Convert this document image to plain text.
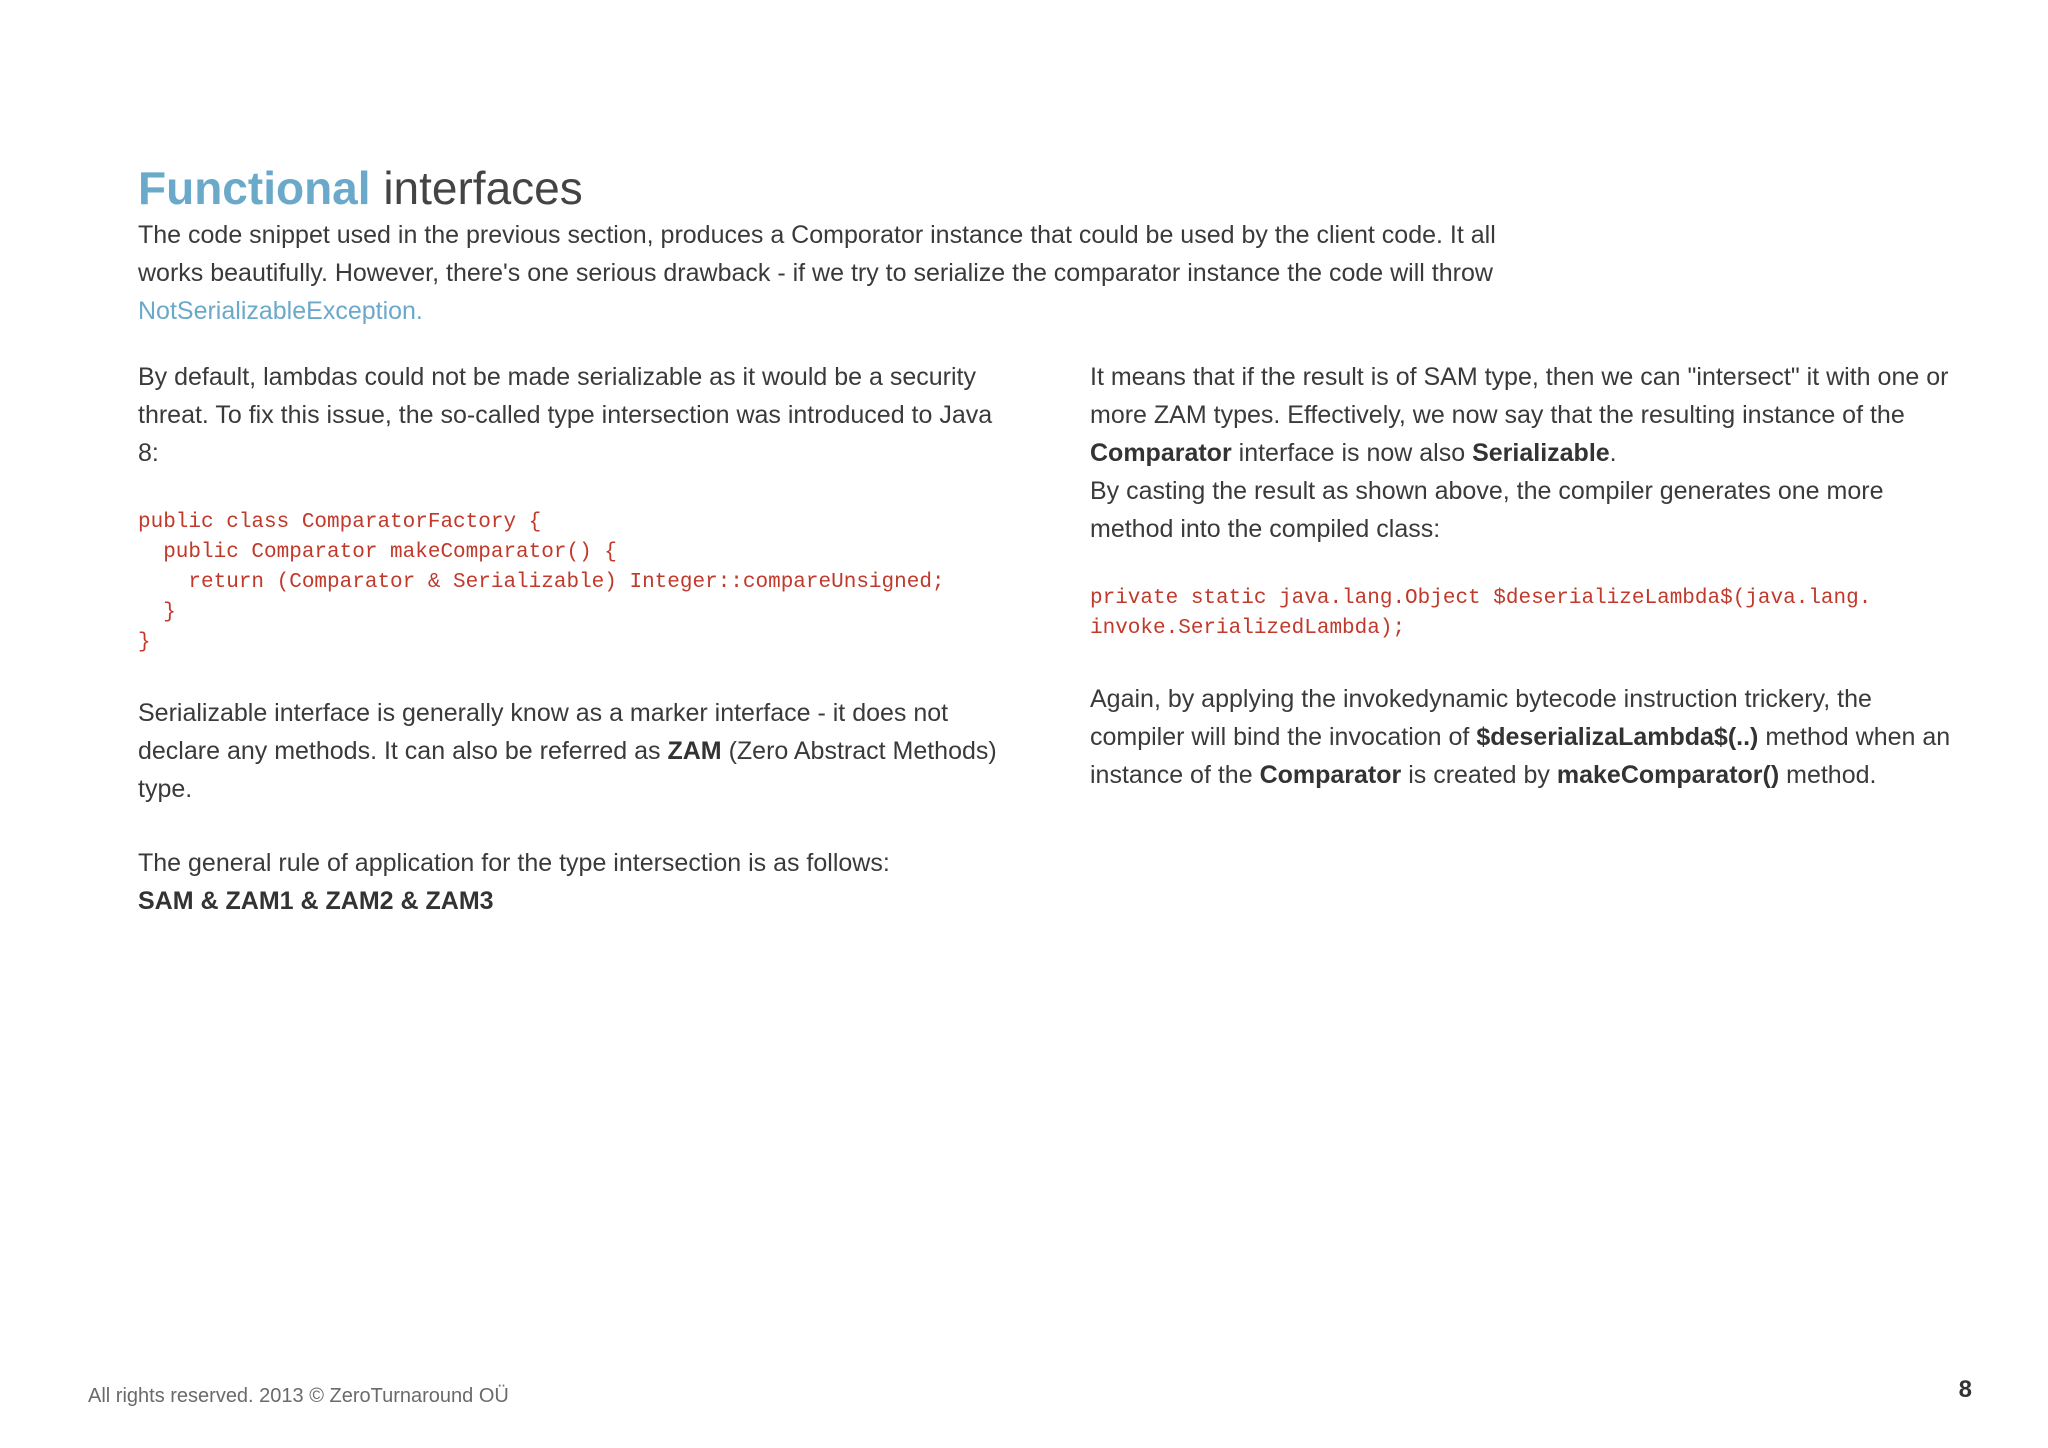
Functional interfaces

The code snippet used in the previous section, produces a Comporator instance that could be used by the client code. It all works beautifully. However, there's one serious drawback - if we try to serialize the comparator instance the code will throw NotSerializableException.

By default, lambdas could not be made serializable as it would be a security threat. To fix this issue, the so-called type intersection was introduced to Java 8:

public class ComparatorFactory {
public Comparator makeComparator() {
return (Comparator & Serializable) Integer::compareUnsigned;
}
}

Serializable interface is generally know as a marker interface - it does not declare any methods. It can also be referred as ZAM (Zero Abstract Methods) type.

The general rule of application for the type intersection is as follows:

SAM & ZAM1 & ZAM2 & ZAM3

It means that if the result is of SAM type, then we can "intersect" it with one or more ZAM types. Effectively, we now say that the resulting instance of the Comparator interface is now also Serializable.

By casting the result as shown above, the compiler generates one more method into the compiled class:

private static java.lang.Object $deserializeLambda$(java.lang.
invoke.SerializedLambda);

Again, by applying the invokedynamic bytecode instruction trickery, the compiler will bind the invocation of $deserializaLambda$(..) method when an instance of the Comparator is created by makeComparator() method.

All rights reserved. 2013 © ZeroTurnaround OÜ	8
